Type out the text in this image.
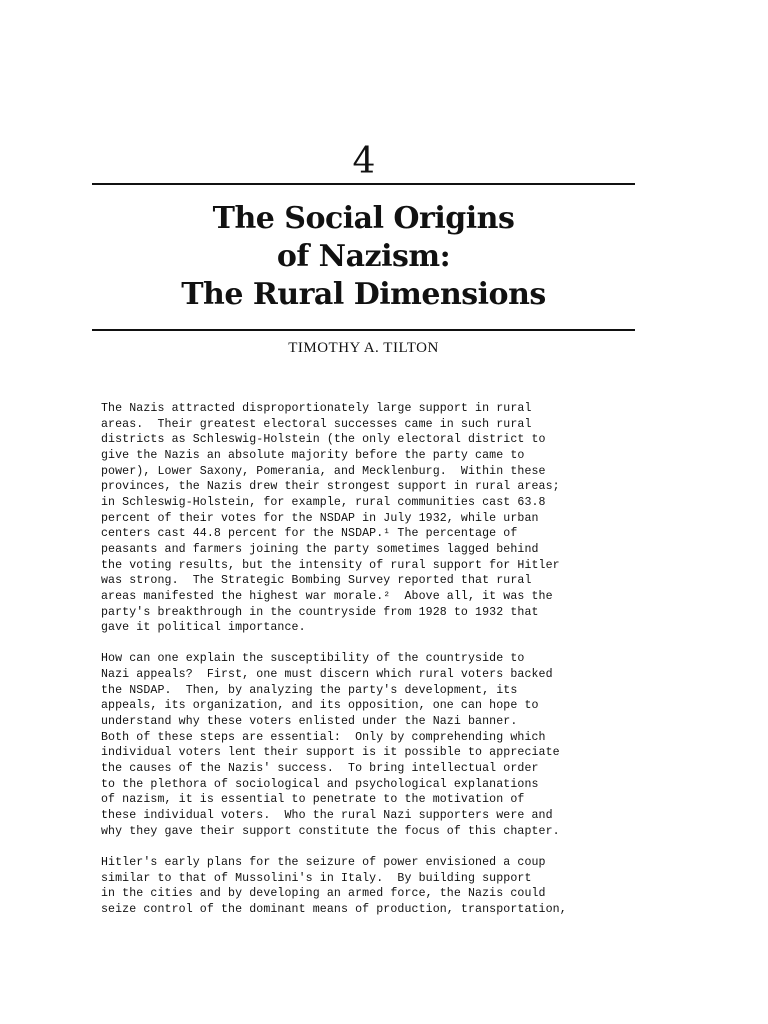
4
The Social Origins
of Nazism:
The Rural Dimensions
TIMOTHY A. TILTON

The Nazis attracted disproportionately large support in rural
areas.  Their greatest electoral successes came in such rural
districts as Schleswig-Holstein (the only electoral district to
give the Nazis an absolute majority before the party came to
power), Lower Saxony, Pomerania, and Mecklenburg.  Within these
provinces, the Nazis drew their strongest support in rural areas;
in Schleswig-Holstein, for example, rural communities cast 63.8
percent of their votes for the NSDAP in July 1932, while urban
centers cast 44.8 percent for the NSDAP.¹ The percentage of
peasants and farmers joining the party sometimes lagged behind
the voting results, but the intensity of rural support for Hitler
was strong.  The Strategic Bombing Survey reported that rural
areas manifested the highest war morale.²  Above all, it was the
party's breakthrough in the countryside from 1928 to 1932 that
gave it political importance.

How can one explain the susceptibility of the countryside to
Nazi appeals?  First, one must discern which rural voters backed
the NSDAP.  Then, by analyzing the party's development, its
appeals, its organization, and its opposition, one can hope to
understand why these voters enlisted under the Nazi banner.
Both of these steps are essential:  Only by comprehending which
individual voters lent their support is it possible to appreciate
the causes of the Nazis' success.  To bring intellectual order
to the plethora of sociological and psychological explanations
of nazism, it is essential to penetrate to the motivation of
these individual voters.  Who the rural Nazi supporters were and
why they gave their support constitute the focus of this chapter.

Hitler's early plans for the seizure of power envisioned a coup
similar to that of Mussolini's in Italy.  By building support
in the cities and by developing an armed force, the Nazis could
seize control of the dominant means of production, transportation,
